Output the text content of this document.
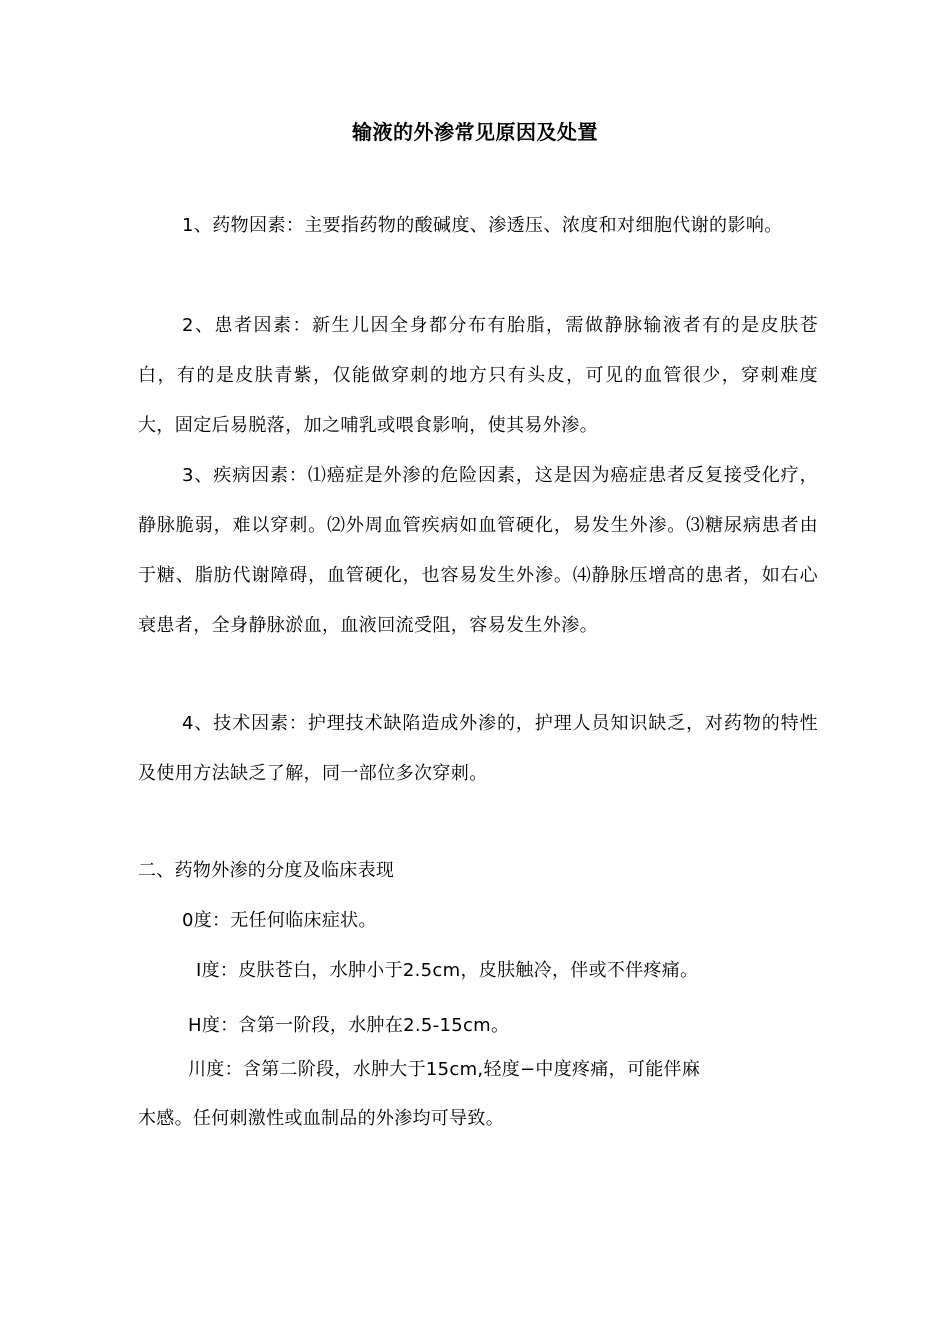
输液的外渗常见原因及处置
1、药物因素：主要指药物的酸碱度、渗透压、浓度和对细胞代谢的影响。
2、患者因素：新生儿因全身都分布有胎脂，需做静脉输液者有的是皮肤苍白，有的是皮肤青紫，仅能做穿刺的地方只有头皮，可见的血管很少，穿刺难度大，固定后易脱落，加之哺乳或喂食影响，使其易外渗。
3、疾病因素：⑴癌症是外渗的危险因素，这是因为癌症患者反复接受化疗，静脉脆弱，难以穿刺。⑵外周血管疾病如血管硬化，易发生外渗。⑶糖尿病患者由于糖、脂肪代谢障碍，血管硬化，也容易发生外渗。⑷静脉压增高的患者，如右心衰患者，全身静脉淤血，血液回流受阻，容易发生外渗。
4、技术因素：护理技术缺陷造成外渗的，护理人员知识缺乏，对药物的特性及使用方法缺乏了解，同一部位多次穿刺。
二、药物外渗的分度及临床表现
0度：无任何临床症状。
I度：皮肤苍白，水肿小于2.5cm，皮肤触冷，伴或不伴疼痛。
H度：含第一阶段，水肿在2.5-15cm。
川度：含第二阶段，水肿大于15cm,轻度−中度疼痛，可能伴麻
木感。任何刺激性或血制品的外渗均可导致。
